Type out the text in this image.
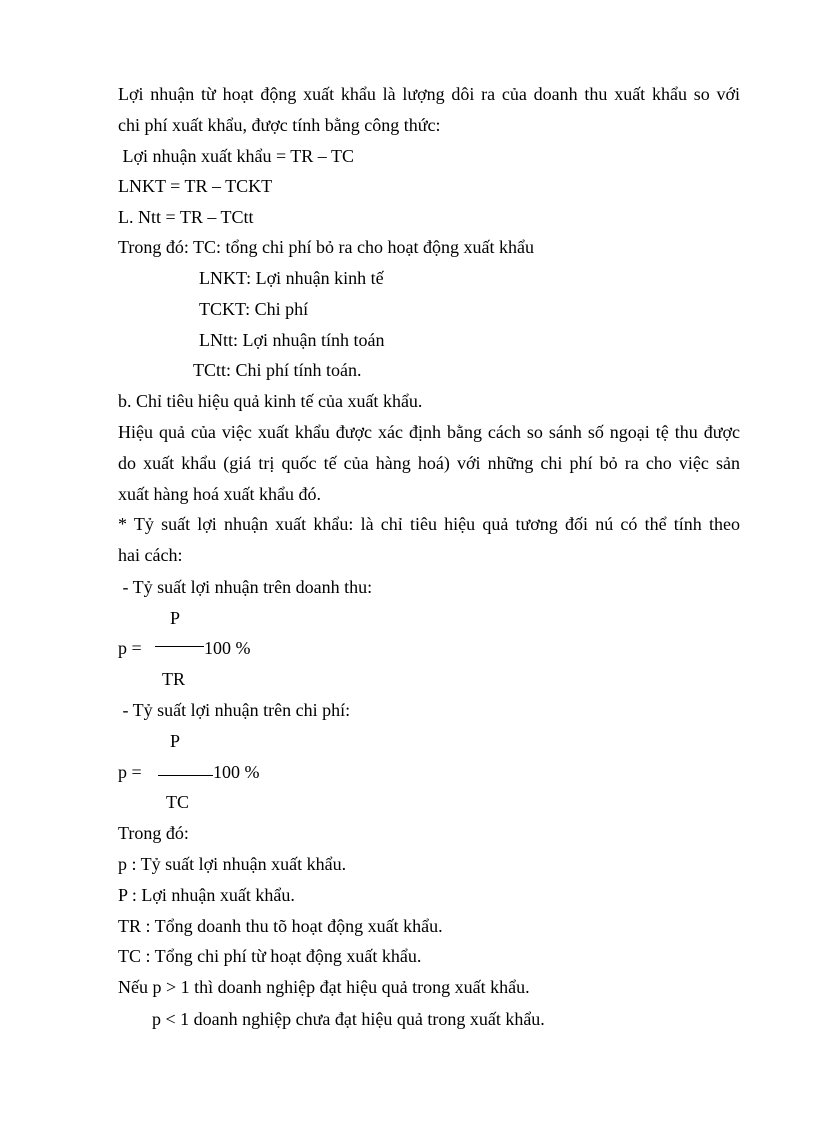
Lợi nhuận từ hoạt động xuất khẩu là lượng dôi ra của doanh thu xuất khẩu so với
chi phí xuất khẩu, được tính bằng công thức:
Lợi nhuận xuất khẩu = TR – TC
LNKT = TR – TCKT
L. Ntt = TR – TCtt
Trong đó: TC: tổng chi phí bỏ ra cho hoạt động xuất khẩu
LNKT: Lợi nhuận kinh tế
TCKT: Chi phí
LNtt: Lợi nhuận tính toán
TCtt: Chi phí tính toán.
b. Chỉ tiêu hiệu quả kinh tế của xuất khẩu.
Hiệu quả của việc xuất khẩu được xác định bằng cách so sánh số ngoại tệ thu được
do xuất khẩu (giá trị quốc tế của hàng hoá) với những chi phí bỏ ra cho việc sản
xuất hàng hoá xuất khẩu đó.
* Tỷ suất lợi nhuận xuất khẩu: là chỉ tiêu hiệu quả tương đối nú có thể tính theo
hai cách:
- Tỷ suất lợi nhuận trên doanh thu:
P
p =	100 %
TR
- Tỷ suất lợi nhuận trên chi phí:
P
p =	100 %
TC
Trong đó:
p : Tỷ suất lợi nhuận xuất khẩu.
P : Lợi nhuận xuất khẩu.
TR : Tổng doanh thu tõ hoạt động xuất khẩu.
TC : Tổng chi phí từ hoạt động xuất khẩu.
Nếu p > 1 thì doanh nghiệp đạt hiệu quả trong xuất khẩu.
p < 1 doanh nghiệp chưa đạt hiệu quả trong xuất khẩu.
